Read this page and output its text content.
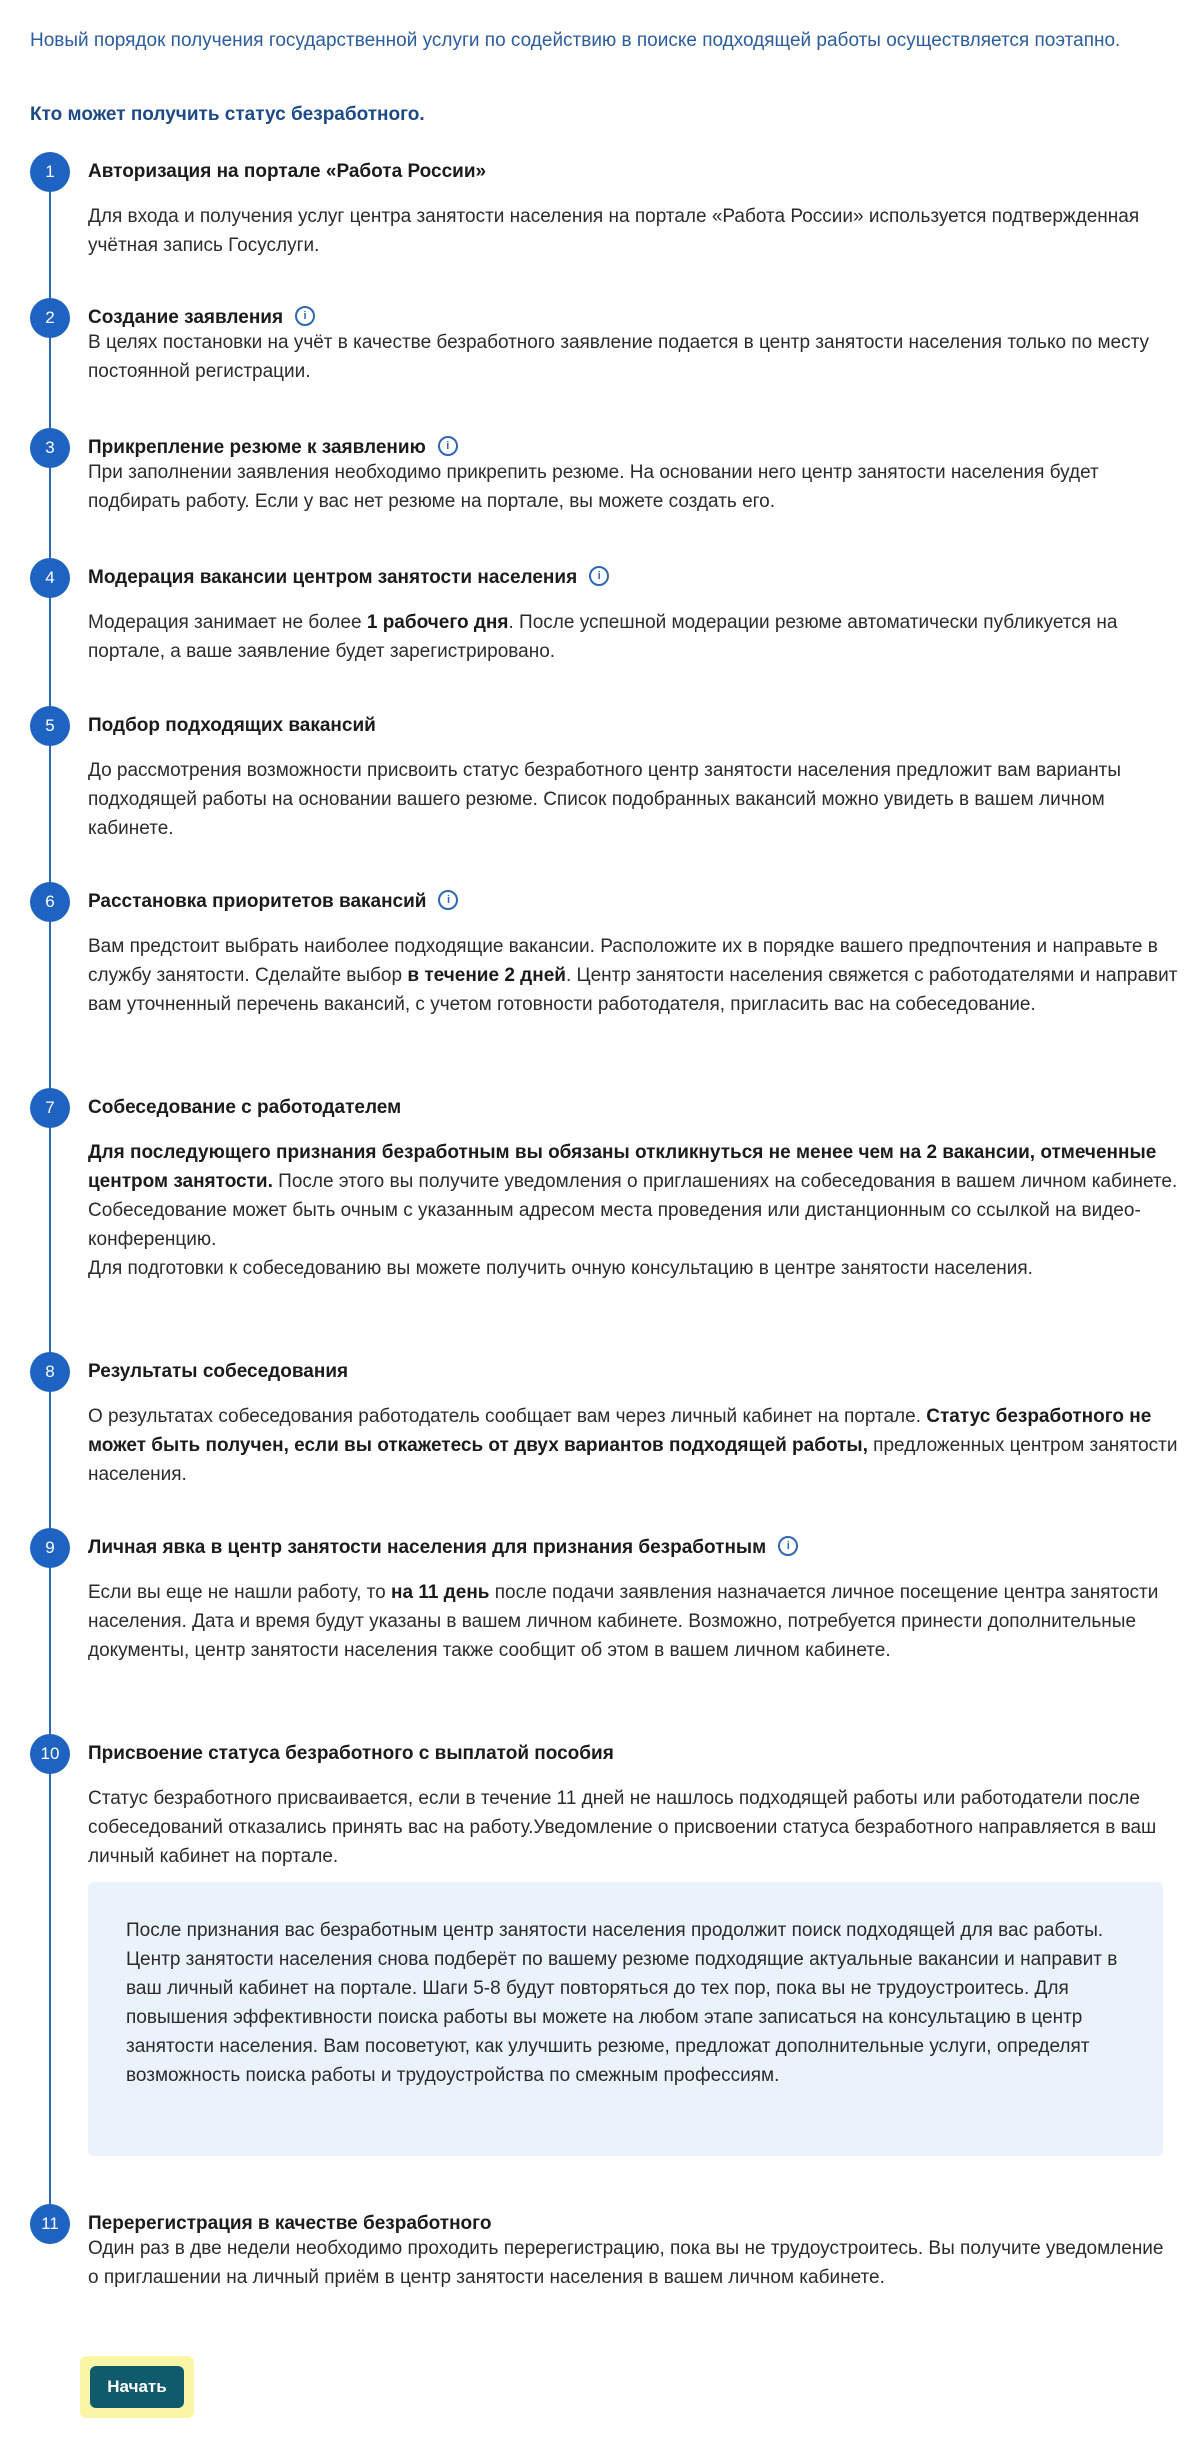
Новый порядок получения государственной услуги по содействию в поиске подходящей работы осуществляется поэтапно.

Кто может получить статус безработного.

1	Авторизация на портале «Работа России»

Для входа и получения услуг центра занятости населения на портале «Работа России» используется подтвержденная учётная запись Госуслуги.

2	Создание заявления i

В целях постановки на учёт в качестве безработного заявление подается в центр занятости населения только по месту постоянной регистрации.

3	Прикрепление резюме к заявлению i

При заполнении заявления необходимо прикрепить резюме. На основании него центр занятости населения будет подбирать работу. Если у вас нет резюме на портале, вы можете создать его.

4	Модерация вакансии центром занятости населения i

Модерация занимает не более 1 рабочего дня. После успешной модерации резюме автоматически публикуется на портале, а ваше заявление будет зарегистрировано.

5	Подбор подходящих вакансий

До рассмотрения возможности присвоить статус безработного центр занятости населения предложит вам варианты подходящей работы на основании вашего резюме. Список подобранных вакансий можно увидеть в вашем личном кабинете.

6	Расстановка приоритетов вакансий i

Вам предстоит выбрать наиболее подходящие вакансии. Расположите их в порядке вашего предпочтения и направьте в службу занятости. Сделайте выбор в течение 2 дней. Центр занятости населения свяжется с работодателями и направит вам уточненный перечень вакансий, с учетом готовности работодателя, пригласить вас на собеседование.

7	Собеседование с работодателем

Для последующего признания безработным вы обязаны откликнуться не менее чем на 2 вакансии, отмеченные центром занятости. После этого вы получите уведомления о приглашениях на собеседования в вашем личном кабинете. Собеседование может быть очным с указанным адресом места проведения или дистанционным со ссылкой на видео-конференцию.

Для подготовки к собеседованию вы можете получить очную консультацию в центре занятости населения.

8	Результаты собеседования

О результатах собеседования работодатель сообщает вам через личный кабинет на портале. Статус безработного не может быть получен, если вы откажетесь от двух вариантов подходящей работы, предложенных центром занятости населения.

9	Личная явка в центр занятости населения для признания безработным i

Если вы еще не нашли работу, то на 11 день после подачи заявления назначается личное посещение центра занятости населения. Дата и время будут указаны в вашем личном кабинете. Возможно, потребуется принести дополнительные документы, центр занятости населения также сообщит об этом в вашем личном кабинете.

10	Присвоение статуса безработного с выплатой пособия

Статус безработного присваивается, если в течение 11 дней не нашлось подходящей работы или работодатели после собеседований отказались принять вас на работу.Уведомление о присвоении статуса безработного направляется в ваш личный кабинет на портале.

После признания вас безработным центр занятости населения продолжит поиск подходящей для вас работы. Центр занятости населения снова подберёт по вашему резюме подходящие актуальные вакансии и направит в ваш личный кабинет на портале. Шаги 5-8 будут повторяться до тех пор, пока вы не трудоустроитесь. Для повышения эффективности поиска работы вы можете на любом этапе записаться на консультацию в центр занятости населения. Вам посоветуют, как улучшить резюме, предложат дополнительные услуги, определят возможность поиска работы и трудоустройства по смежным профессиям.

11	Перерегистрация в качестве безработного

Один раз в две недели необходимо проходить перерегистрацию, пока вы не трудоустроитесь. Вы получите уведомление о приглашении на личный приём в центр занятости населения в вашем личном кабинете.

Начать
